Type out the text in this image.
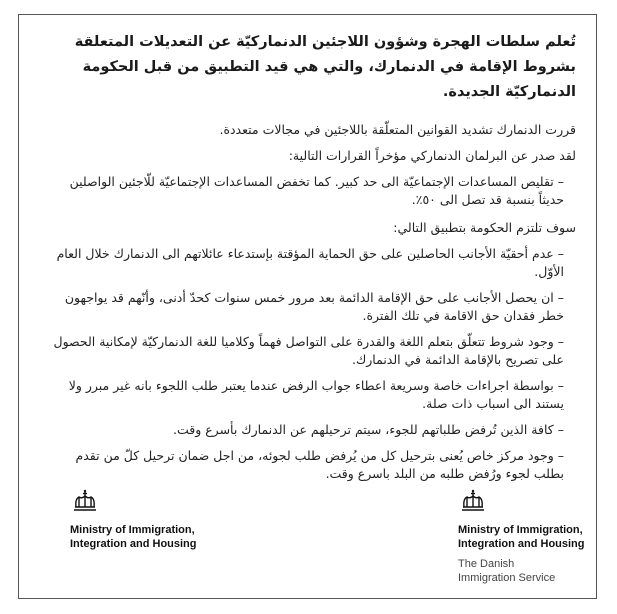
تُعلم سلطات الهجرة وشؤون اللاجئين الدنماركيّة عن التعديلات المتعلقة بشروط الإقامة في الدنمارك، والتي هي قيد التطبيق من قبل الحكومة الدنماركيّة الجديدة.

قررت الدنمارك تشديد القوانين المتعلّقة باللاجئين في مجالات متعددة.

لقد صدر عن البرلمان الدنماركي مؤخراً القرارات التالية:

–تقليص المساعدات الإجتماعيّة الى حد كبير. كما تخفض المساعدات الإجتماعيّة للّاجئين الواصلين حديثاً بنسبة قد تصل الى ٥٠٪.

سوف تلتزم الحكومة بتطبيق التالي:

–عدم أحقيّة الأجانب الحاصلين على حق الحماية المؤقتة بإستدعاء عائلاتهم الى الدنمارك خلال العام الأوّل.
–ان يحصل الأجانب على حق الإقامة الدائمة بعد مرور خمس سنوات كحدّ أدنى، وأنّهم قد يواجهون خطر فقدان حق الاقامة في تلك الفترة.
–وجود شروط تتعلّق بتعلم اللغة والقدرة على التواصل فهماً وكلاميا للغة الدنماركيّة لإمكانية الحصول على تصريح بالإقامة الدائمة في الدنمارك.
–بواسطة اجراءات خاصة وسريعة اعطاء جواب الرفض عندما يعتبر طلب اللجوء بانه غير مبرر ولا يستند الى اسباب ذات صلة.
–كافة الذين تُرفض طلباتهم للجوء، سيتم ترحيلهم عن الدنمارك بأسرع وقت.
–وجود مركز خاص يُعنى بترحيل كل من يُرفض طلب لجوئه، من اجل ضمان ترحيل كلّ من تقدم بطلب لجوء ورُفض طلبه من البلد باسرع وقت.
Ministry of Immigration,
Integration and Housing
Ministry of Immigration,
Integration and Housing
The Danish
Immigration Service
